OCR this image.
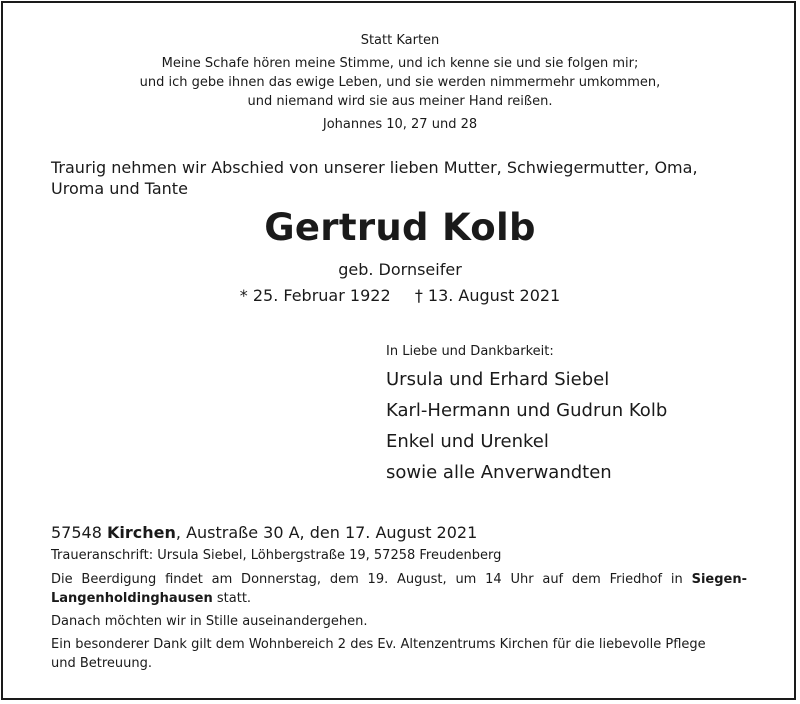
Statt Karten
Meine Schafe hören meine Stimme, und ich kenne sie und sie folgen mir;
und ich gebe ihnen das ewige Leben, und sie werden nimmermehr umkommen,
und niemand wird sie aus meiner Hand reißen.
Johannes 10, 27 und 28
Traurig nehmen wir Abschied von unserer lieben Mutter, Schwiegermutter, Oma,
Uroma und Tante
Gertrud Kolb
geb. Dornseifer
* 25. Februar 1922 † 13. August 2021
In Liebe und Dankbarkeit:
Ursula und Erhard Siebel
Karl-Hermann und Gudrun Kolb
Enkel und Urenkel
sowie alle Anverwandten
57548 Kirchen, Austraße 30 A, den 17. August 2021
Traueranschrift: Ursula Siebel, Löhbergstraße 19, 57258 Freudenberg
Die Beerdigung findet am Donnerstag, dem 19. August, um 14 Uhr auf dem Friedhof in Siegen-
Langenholdinghausen statt.
Danach möchten wir in Stille auseinandergehen.
Ein besonderer Dank gilt dem Wohnbereich 2 des Ev. Altenzentrums Kirchen für die liebevolle Pflege
und Betreuung.
